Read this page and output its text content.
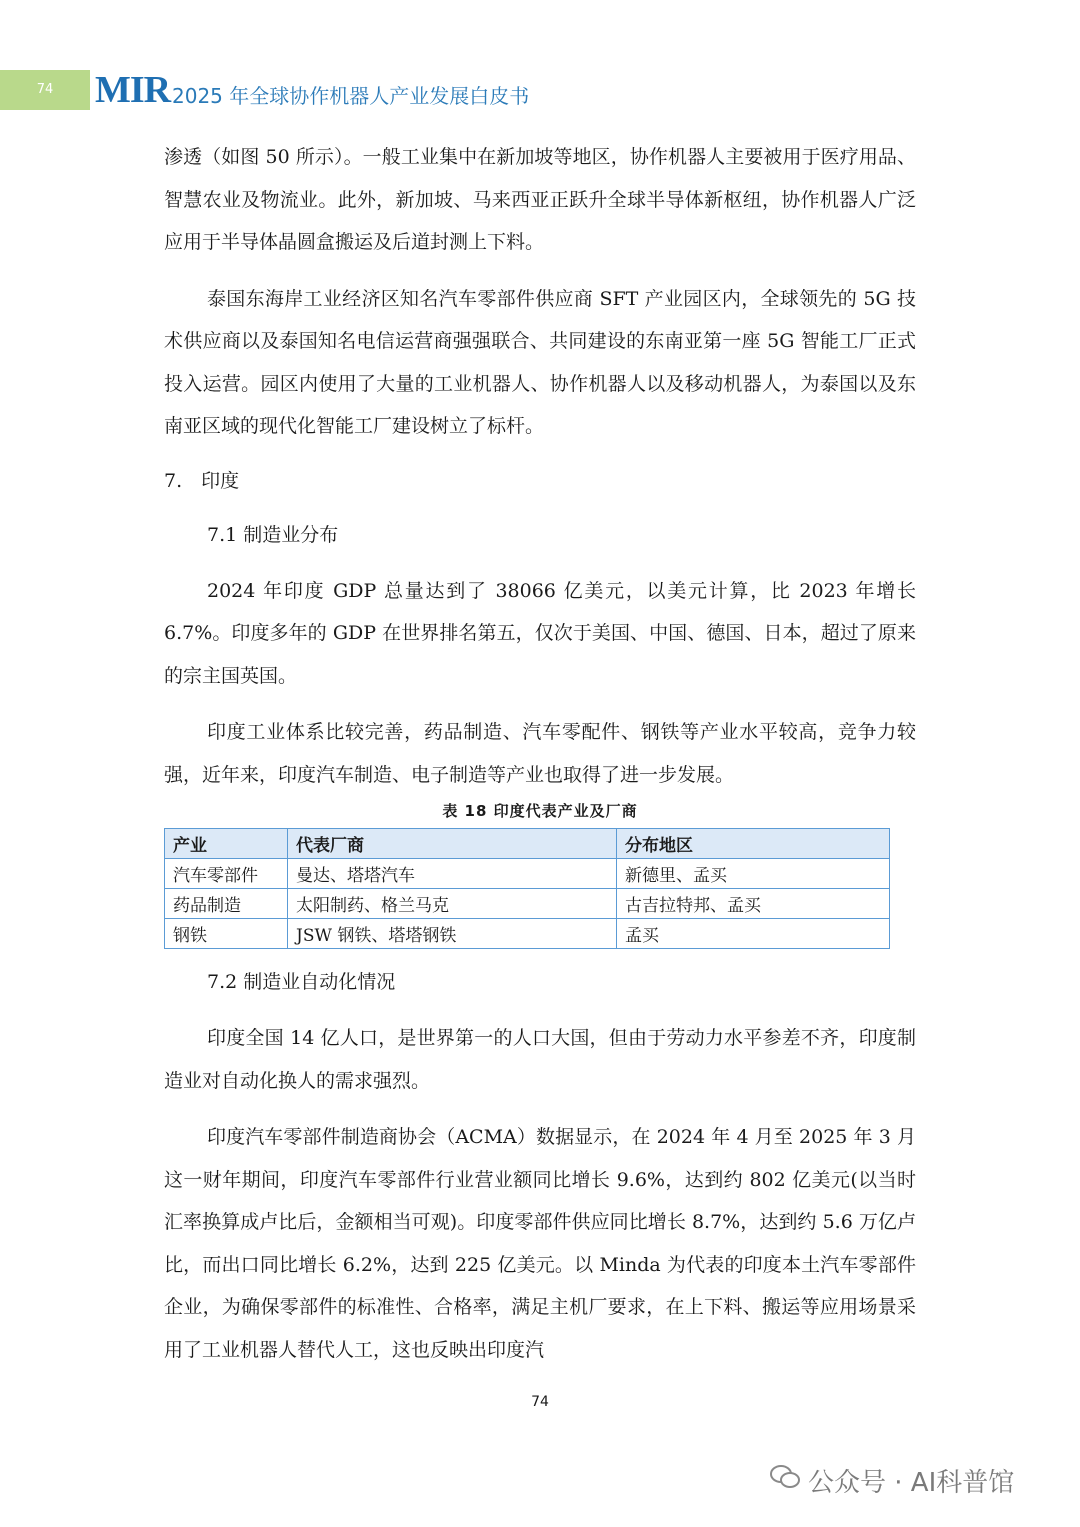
74	MIR 2025 年全球协作机器人产业发展白皮书

渗透（如图 50 所示）。一般工业集中在新加坡等地区，协作机器人主要被用于医疗用品、智慧农业及物流业。此外，新加坡、马来西亚正跃升全球半导体新枢纽，协作机器人广泛应用于半导体晶圆盒搬运及后道封测上下料。

泰国东海岸工业经济区知名汽车零部件供应商 SFT 产业园区内，全球领先的 5G 技术供应商以及泰国知名电信运营商强强联合、共同建设的东南亚第一座 5G 智能工厂正式投入运营。园区内使用了大量的工业机器人、协作机器人以及移动机器人，为泰国以及东南亚区域的现代化智能工厂建设树立了标杆。

7.　印度

7.1 制造业分布

2024 年印度 GDP 总量达到了 38066 亿美元，以美元计算，比 2023 年增长 6.7%。印度多年的 GDP 在世界排名第五，仅次于美国、中国、德国、日本，超过了原来的宗主国英国。

印度工业体系比较完善，药品制造、汽车零配件、钢铁等产业水平较高，竞争力较强，近年来，印度汽车制造、电子制造等产业也取得了进一步发展。

表 18 印度代表产业及厂商
产业	代表厂商	分布地区
汽车零部件	曼达、塔塔汽车	新德里、孟买
药品制造	太阳制药、格兰马克	古吉拉特邦、孟买
钢铁	JSW 钢铁、塔塔钢铁	孟买

7.2 制造业自动化情况

印度全国 14 亿人口，是世界第一的人口大国，但由于劳动力水平参差不齐，印度制造业对自动化换人的需求强烈。

印度汽车零部件制造商协会（ACMA）数据显示，在 2024 年 4 月至 2025 年 3 月这一财年期间，印度汽车零部件行业营业额同比增长 9.6%，达到约 802 亿美元(以当时汇率换算成卢比后，金额相当可观)。印度零部件供应同比增长 8.7%，达到约 5.6 万亿卢比，而出口同比增长 6.2%，达到 225 亿美元。以 Minda 为代表的印度本土汽车零部件企业，为确保零部件的标准性、合格率，满足主机厂要求，在上下料、搬运等应用场景采用了工业机器人替代人工，这也反映出印度汽

74
公众号 · AI科普馆
